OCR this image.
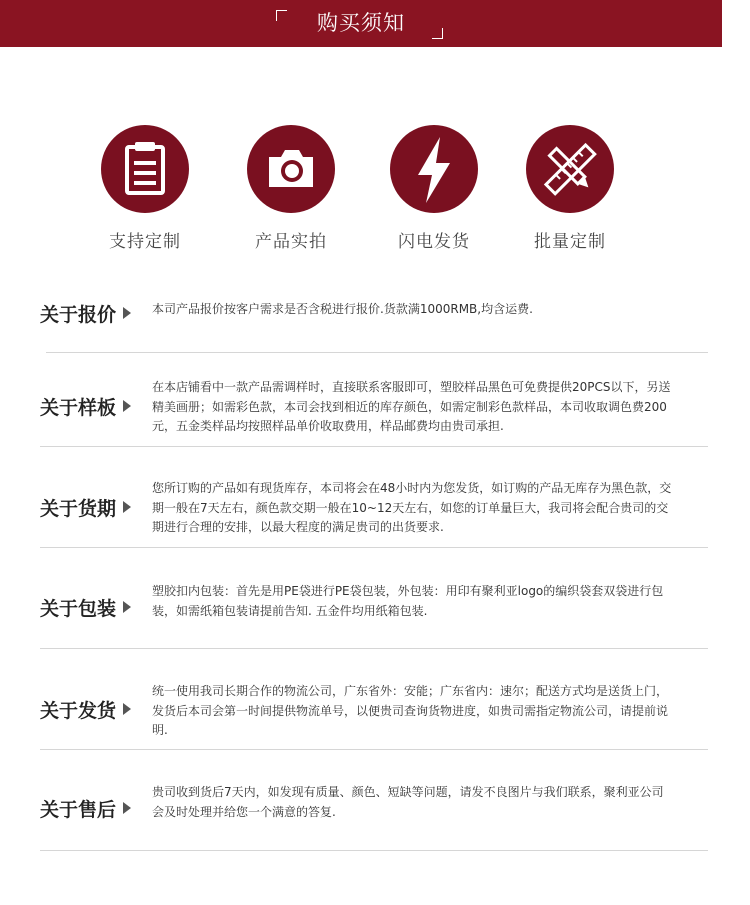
购买须知
支持定制	产品实拍	闪电发货	批量定制
关于报价	本司产品报价按客户需求是否含税进行报价.货款满1000RMB,均含运费.
关于样板
在本店铺看中一款产品需调样时，直接联系客服即可，塑胶样品黑色可免费提供20PCS以下，另送精美画册；如需彩色款，本司会找到相近的库存颜色，如需定制彩色款样品，本司收取调色费200元，五金类样品均按照样品单价收取费用，样品邮费均由贵司承担.
关于货期
您所订购的产品如有现货库存，本司将会在48小时内为您发货，如订购的产品无库存为黑色款，交期一般在7天左右，颜色款交期一般在10~12天左右，如您的订单量巨大，我司将会配合贵司的交期进行合理的安排，以最大程度的满足贵司的出货要求.
关于包装
塑胶扣内包装：首先是用PE袋进行PE袋包装，外包装：用印有聚利亚logo的编织袋套双袋进行包装，如需纸箱包装请提前告知. 五金件均用纸箱包装.
关于发货
统一使用我司长期合作的物流公司，广东省外：安能；广东省内：速尔；配送方式均是送货上门，发货后本司会第一时间提供物流单号，以便贵司查询货物进度，如贵司需指定物流公司，请提前说明.
关于售后
贵司收到货后7天内，如发现有质量、颜色、短缺等问题，请发不良图片与我们联系，聚利亚公司会及时处理并给您一个满意的答复.
